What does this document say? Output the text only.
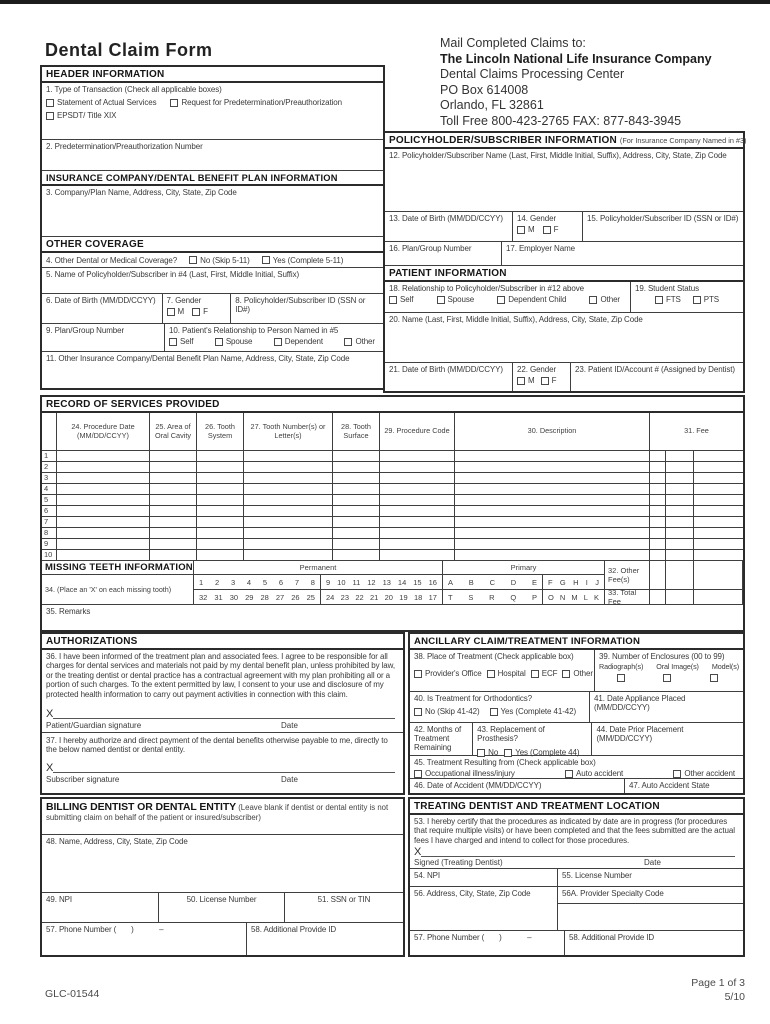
Dental Claim Form	Mail Completed Claims to:
The Lincoln National Life Insurance Company
Dental Claims Processing Center
PO Box 614008
Orlando, FL 32861
Toll Free 800-423-2765 FAX: 877-843-3945
HEADER INFORMATION
1. Type of Transaction (Check all applicable boxes)
Statement of Actual Services	Request for Predetermination/Preauthorization
EPSDT/ Title XIX
2. Predetermination/Preauthorization Number
INSURANCE COMPANY/DENTAL BENEFIT PLAN INFORMATION
3. Company/Plan Name, Address, City, State, Zip Code
OTHER COVERAGE
4. Other Dental or Medical Coverage?	No (Skip 5-11)	Yes (Complete 5-11)
5. Name of Policyholder/Subscriber in #4 (Last, First, Middle Initial, Suffix)
6. Date of Birth (MM/DD/CCYY)	7. Gender
M F
8. Policyholder/Subscriber ID (SSN or ID#)
9. Plan/Group Number	10. Patient's Relationship to Person Named in #5
Self	Spouse	Dependent	Other
11. Other Insurance Company/Dental Benefit Plan Name, Address, City, State, Zip Code
POLICYHOLDER/SUBSCRIBER INFORMATION (For Insurance Company Named in #3)
12. Policyholder/Subscriber Name (Last, First, Middle Initial, Suffix), Address, City, State, Zip Code
13. Date of Birth (MM/DD/CCYY)	14. Gender
M F
15. Policyholder/Subscriber ID (SSN or ID#)
16. Plan/Group Number	17. Employer Name
PATIENT INFORMATION
18. Relationship to Policyholder/Subscriber in #12 above
Self	Spouse	Dependent Child	Other
19. Student Status
FTS	PTS
20. Name (Last, First, Middle Initial, Suffix), Address, City, State, Zip Code
21. Date of Birth (MM/DD/CCYY)	22. Gender
M F
23. Patient ID/Account # (Assigned by Dentist)
RECORD OF SERVICES PROVIDED
24. Procedure Date (MM/DD/CCYY)
25. Area of Oral Cavity
26. Tooth System
27. Tooth Number(s) or Letter(s)
28. Tooth Surface	29. Procedure Code	30. Description	31. Fee
1
2
3
4
5
6
7
8
9
10
MISSING TEETH INFORMATION	Permanent	Primary	32. Other Fee(s)
34. (Place an 'X' on each missing tooth)
1 2 3 4 5 6 7 8 9 10 11 12 13 14 15 16 A B C D E F G H I J
32 31 30 29 28 27 26 25 24 23 22 21 20 19 18 17 T S R Q P O N M L K	33. Total Fee
35. Remarks
AUTHORIZATIONS
36. I have been informed of the treatment plan and associated fees. I agree to be responsible for all charges for dental services and materials not paid by my dental benefit plan, unless prohibited by law, or the treating dentist or dental practice has a contractual agreement with my plan prohibiting all or a portion of such charges. To the extent permitted by law, I consent to your use and disclosure of my protected health information to carry out payment activities in connection with this claim.
X
Patient/Guardian signature	Date
37. I hereby authorize and direct payment of the dental benefits otherwise payable to me, directly to the below named dentist or dental entity.
X
Subscriber signature	Date
ANCILLARY CLAIM/TREATMENT INFORMATION
38. Place of Treatment (Check applicable box)
Provider's Office Hospital ECF Other
39. Number of Enclosures (00 to 99)
Radiograph(s) Oral Image(s) Model(s)
40. Is Treatment for Orthodontics?
No (Skip 41-42)	Yes (Complete 41-42)
41. Date Appliance Placed (MM/DD/CCYY)
42. Months of Treatment Remaining
43. Replacement of Prosthesis?
No Yes (Complete 44)
44. Date Prior Placement (MM/DD/CCYY)
45. Treatment Resulting from (Check applicable box)
Occupational illness/injury	Auto accident	Other accident
46. Date of Accident (MM/DD/CCYY)	47. Auto Accident State
BILLING DENTIST OR DENTAL ENTITY (Leave blank if dentist or dental entity is not submitting claim on behalf of the patient or insured/subscriber)
48. Name, Address, City, State, Zip Code
49. NPI	50. License Number	51. SSN or TIN
57. Phone Number (       )            –	58. Additional Provide ID
TREATING DENTIST AND TREATMENT LOCATION
53. I hereby certify that the procedures as indicated by date are in progress (for procedures that require multiple visits) or have been completed and that the fees submitted are the actual fees I have charged and intend to collect for those procedures.
X
Signed (Treating Dentist)	Date
54. NPI	55. License Number
56. Address, City, State, Zip Code	56A. Provider Specialty Code
57. Phone Number (       )            –	58. Additional Provide ID
GLC-01544
Page 1 of 3
5/10
